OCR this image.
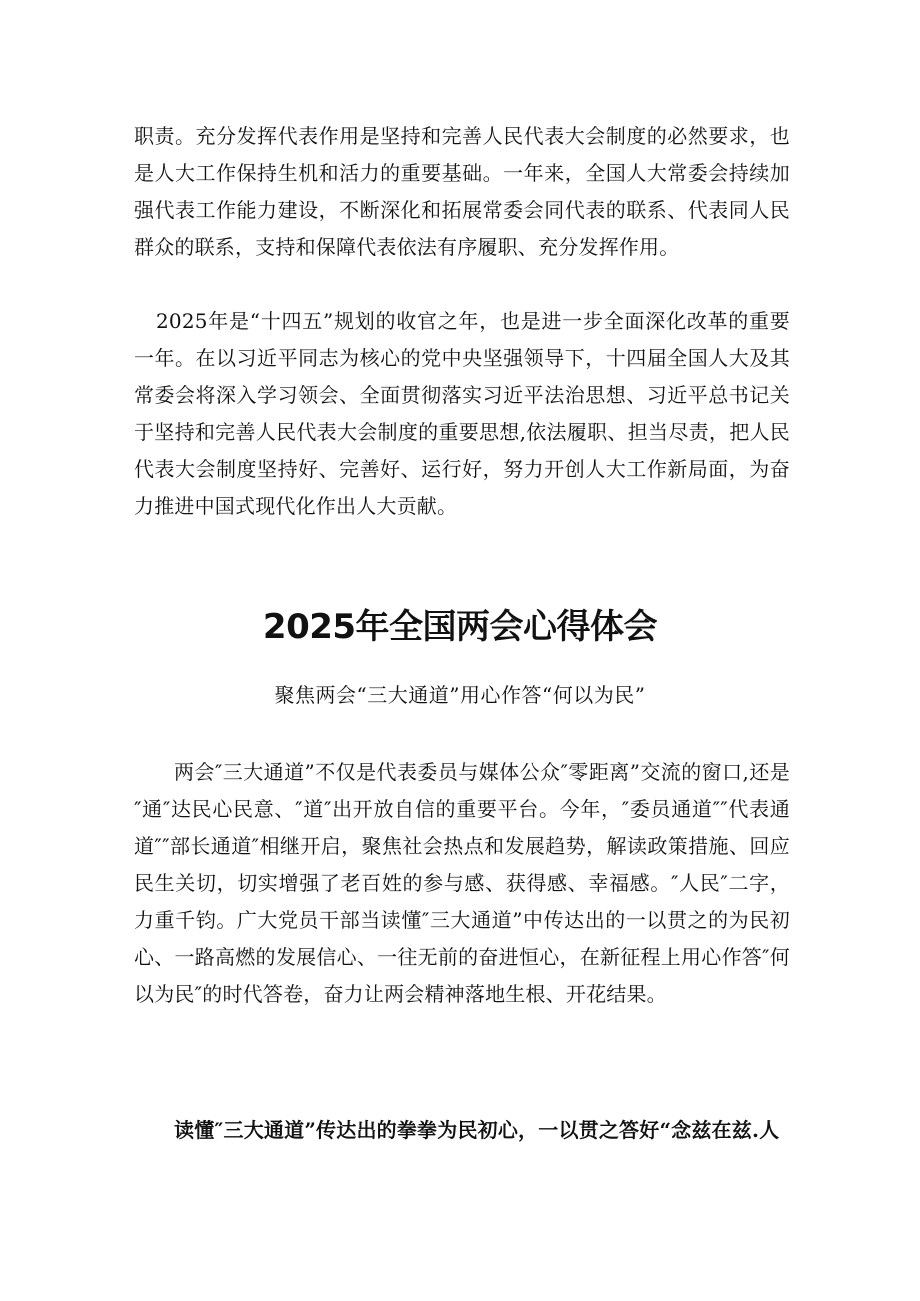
职责。充分发挥代表作用是坚持和完善人民代表大会制度的必然要求，也是人大工作保持生机和活力的重要基础。一年来，全国人大常委会持续加强代表工作能力建设，不断深化和拓展常委会同代表的联系、代表同人民群众的联系，支持和保障代表依法有序履职、充分发挥作用。

2025年是“十四五”规划的收官之年，也是进一步全面深化改革的重要一年。在以习近平同志为核心的党中央坚强领导下，十四届全国人大及其常委会将深入学习领会、全面贯彻落实习近平法治思想、习近平总书记关于坚持和完善人民代表大会制度的重要思想,依法履职、担当尽责，把人民代表大会制度坚持好、完善好、运行好，努力开创人大工作新局面，为奋力推进中国式现代化作出人大贡献。

2025年全国两会心得体会

聚焦两会“三大通道”用心作答“何以为民”

两会″三大通道”不仅是代表委员与媒体公众″零距离”交流的窗口,还是″通″达民心民意、″道″出开放自信的重要平台。今年，″委员通道″″代表通道″″部长通道″相继开启，聚焦社会热点和发展趋势，解读政策措施、回应民生关切，切实增强了老百姓的参与感、获得感、幸福感。″人民″二字，力重千钧。广大党员干部当读懂″三大通道”中传达出的一以贯之的为民初心、一路高燃的发展信心、一往无前的奋进恒心，在新征程上用心作答″何以为民″的时代答卷，奋力让两会精神落地生根、开花结果。

读懂″三大通道”传达出的拳拳为民初心，一以贯之答好“念兹在兹.人
